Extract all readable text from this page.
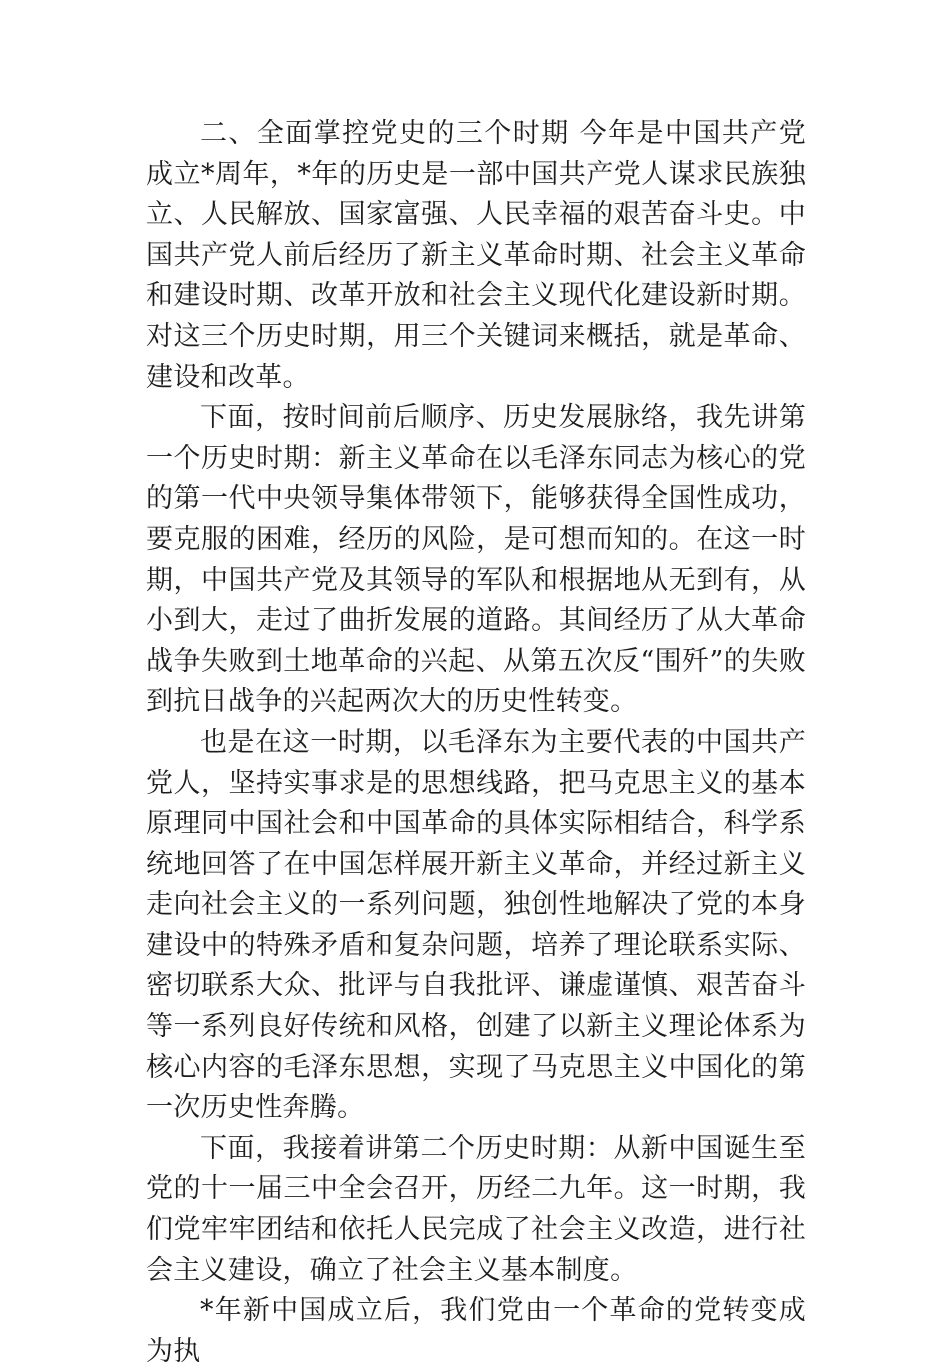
二、全面掌控党史的三个时期 今年是中国共产党成立*周年，*年的历史是一部中国共产党人谋求民族独立、人民解放、国家富强、人民幸福的艰苦奋斗史。中国共产党人前后经历了新主义革命时期、社会主义革命和建设时期、改革开放和社会主义现代化建设新时期。对这三个历史时期，用三个关键词来概括，就是革命、建设和改革。

下面，按时间前后顺序、历史发展脉络，我先讲第一个历史时期：新主义革命在以毛泽东同志为核心的党的第一代中央领导集体带领下，能够获得全国性成功，要克服的困难，经历的风险，是可想而知的。在这一时期，中国共产党及其领导的军队和根据地从无到有，从小到大，走过了曲折发展的道路。其间经历了从大革命战争失败到土地革命的兴起、从第五次反“围歼”的失败到抗日战争的兴起两次大的历史性转变。

也是在这一时期，以毛泽东为主要代表的中国共产党人，坚持实事求是的思想线路，把马克思主义的基本原理同中国社会和中国革命的具体实际相结合，科学系统地回答了在中国怎样展开新主义革命，并经过新主义走向社会主义的一系列问题，独创性地解决了党的本身建设中的特殊矛盾和复杂问题，培养了理论联系实际、密切联系大众、批评与自我批评、谦虚谨慎、艰苦奋斗等一系列良好传统和风格，创建了以新主义理论体系为核心内容的毛泽东思想，实现了马克思主义中国化的第一次历史性奔腾。

下面，我接着讲第二个历史时期：从新中国诞生至党的十一届三中全会召开，历经二九年。这一时期，我们党牢牢团结和依托人民完成了社会主义改造，进行社会主义建设，确立了社会主义基本制度。

*年新中国成立后，我们党由一个革命的党转变成为执
